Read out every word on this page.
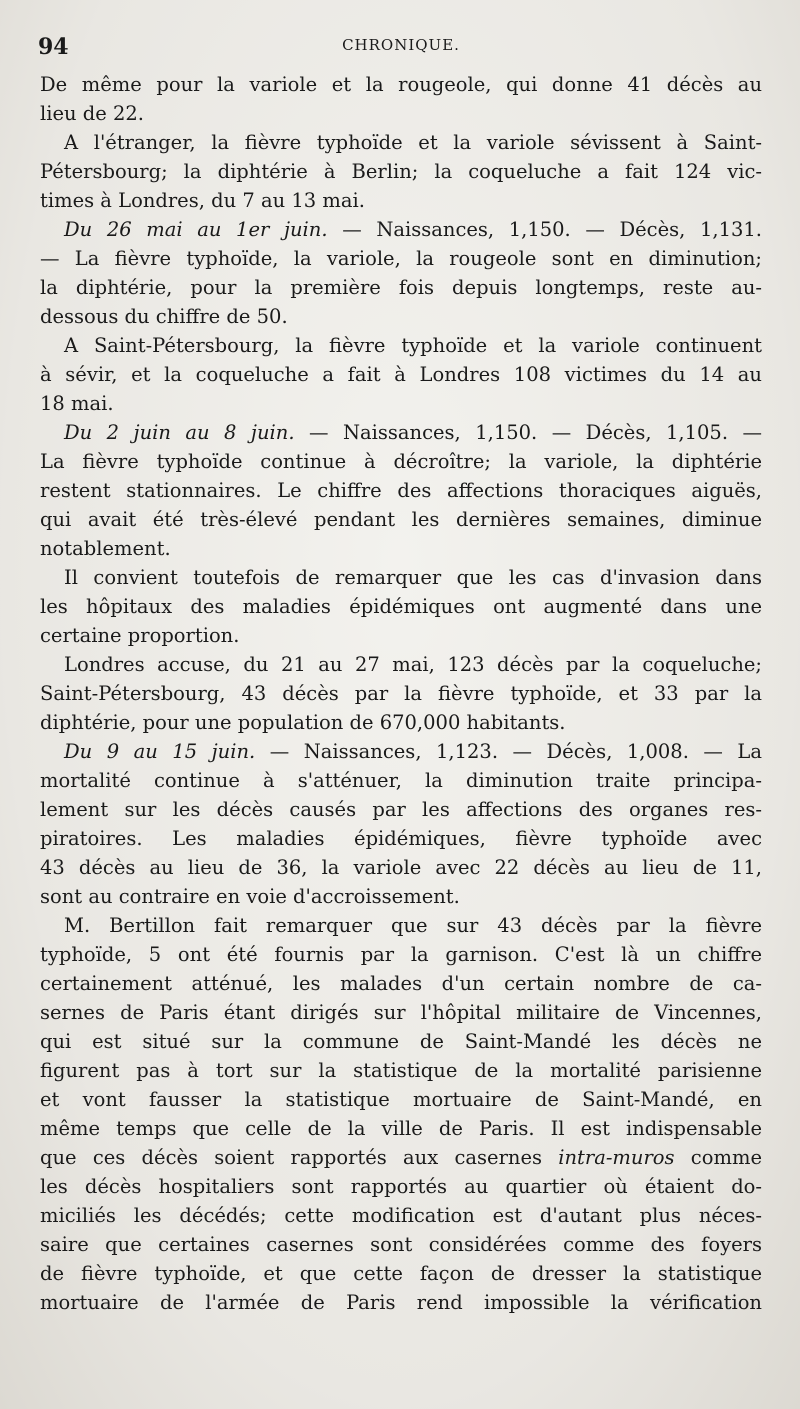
94	CHRONIQUE.
De même pour la variole et la rougeole, qui donne 41 décès au
lieu de 22.
A l'étranger, la fièvre typhoïde et la variole sévissent à Saint-
Pétersbourg; la diphtérie à Berlin; la coqueluche a fait 124 vic-
times à Londres, du 7 au 13 mai.
Du 26 mai au 1er juin. — Naissances, 1,150. — Décès, 1,131.
— La fièvre typhoïde, la variole, la rougeole sont en diminution;
la diphtérie, pour la première fois depuis longtemps, reste au-
dessous du chiffre de 50.
A Saint-Pétersbourg, la fièvre typhoïde et la variole continuent
à sévir, et la coqueluche a fait à Londres 108 victimes du 14 au
18 mai.
Du 2 juin au 8 juin. — Naissances, 1,150. — Décès, 1,105. —
La fièvre typhoïde continue à décroître; la variole, la diphtérie
restent stationnaires. Le chiffre des affections thoraciques aiguës,
qui avait été très-élevé pendant les dernières semaines, diminue
notablement.
Il convient toutefois de remarquer que les cas d'invasion dans
les hôpitaux des maladies épidémiques ont augmenté dans une
certaine proportion.
Londres accuse, du 21 au 27 mai, 123 décès par la coqueluche;
Saint-Pétersbourg, 43 décès par la fièvre typhoïde, et 33 par la
diphtérie, pour une population de 670,000 habitants.
Du 9 au 15 juin. — Naissances, 1,123. — Décès, 1,008. — La
mortalité continue à s'atténuer, la diminution traite principa-
lement sur les décès causés par les affections des organes res-
piratoires. Les maladies épidémiques, fièvre typhoïde avec
43 décès au lieu de 36, la variole avec 22 décès au lieu de 11,
sont au contraire en voie d'accroissement.
M. Bertillon fait remarquer que sur 43 décès par la fièvre
typhoïde, 5 ont été fournis par la garnison. C'est là un chiffre
certainement atténué, les malades d'un certain nombre de ca-
sernes de Paris étant dirigés sur l'hôpital militaire de Vincennes,
qui est situé sur la commune de Saint-Mandé les décès ne
figurent pas à tort sur la statistique de la mortalité parisienne
et vont fausser la statistique mortuaire de Saint-Mandé, en
même temps que celle de la ville de Paris. Il est indispensable
que ces décès soient rapportés aux casernes intra-muros comme
les décès hospitaliers sont rapportés au quartier où étaient do-
miciliés les décédés; cette modification est d'autant plus néces-
saire que certaines casernes sont considérées comme des foyers
de fièvre typhoïde, et que cette façon de dresser la statistique
mortuaire de l'armée de Paris rend impossible la vérification
